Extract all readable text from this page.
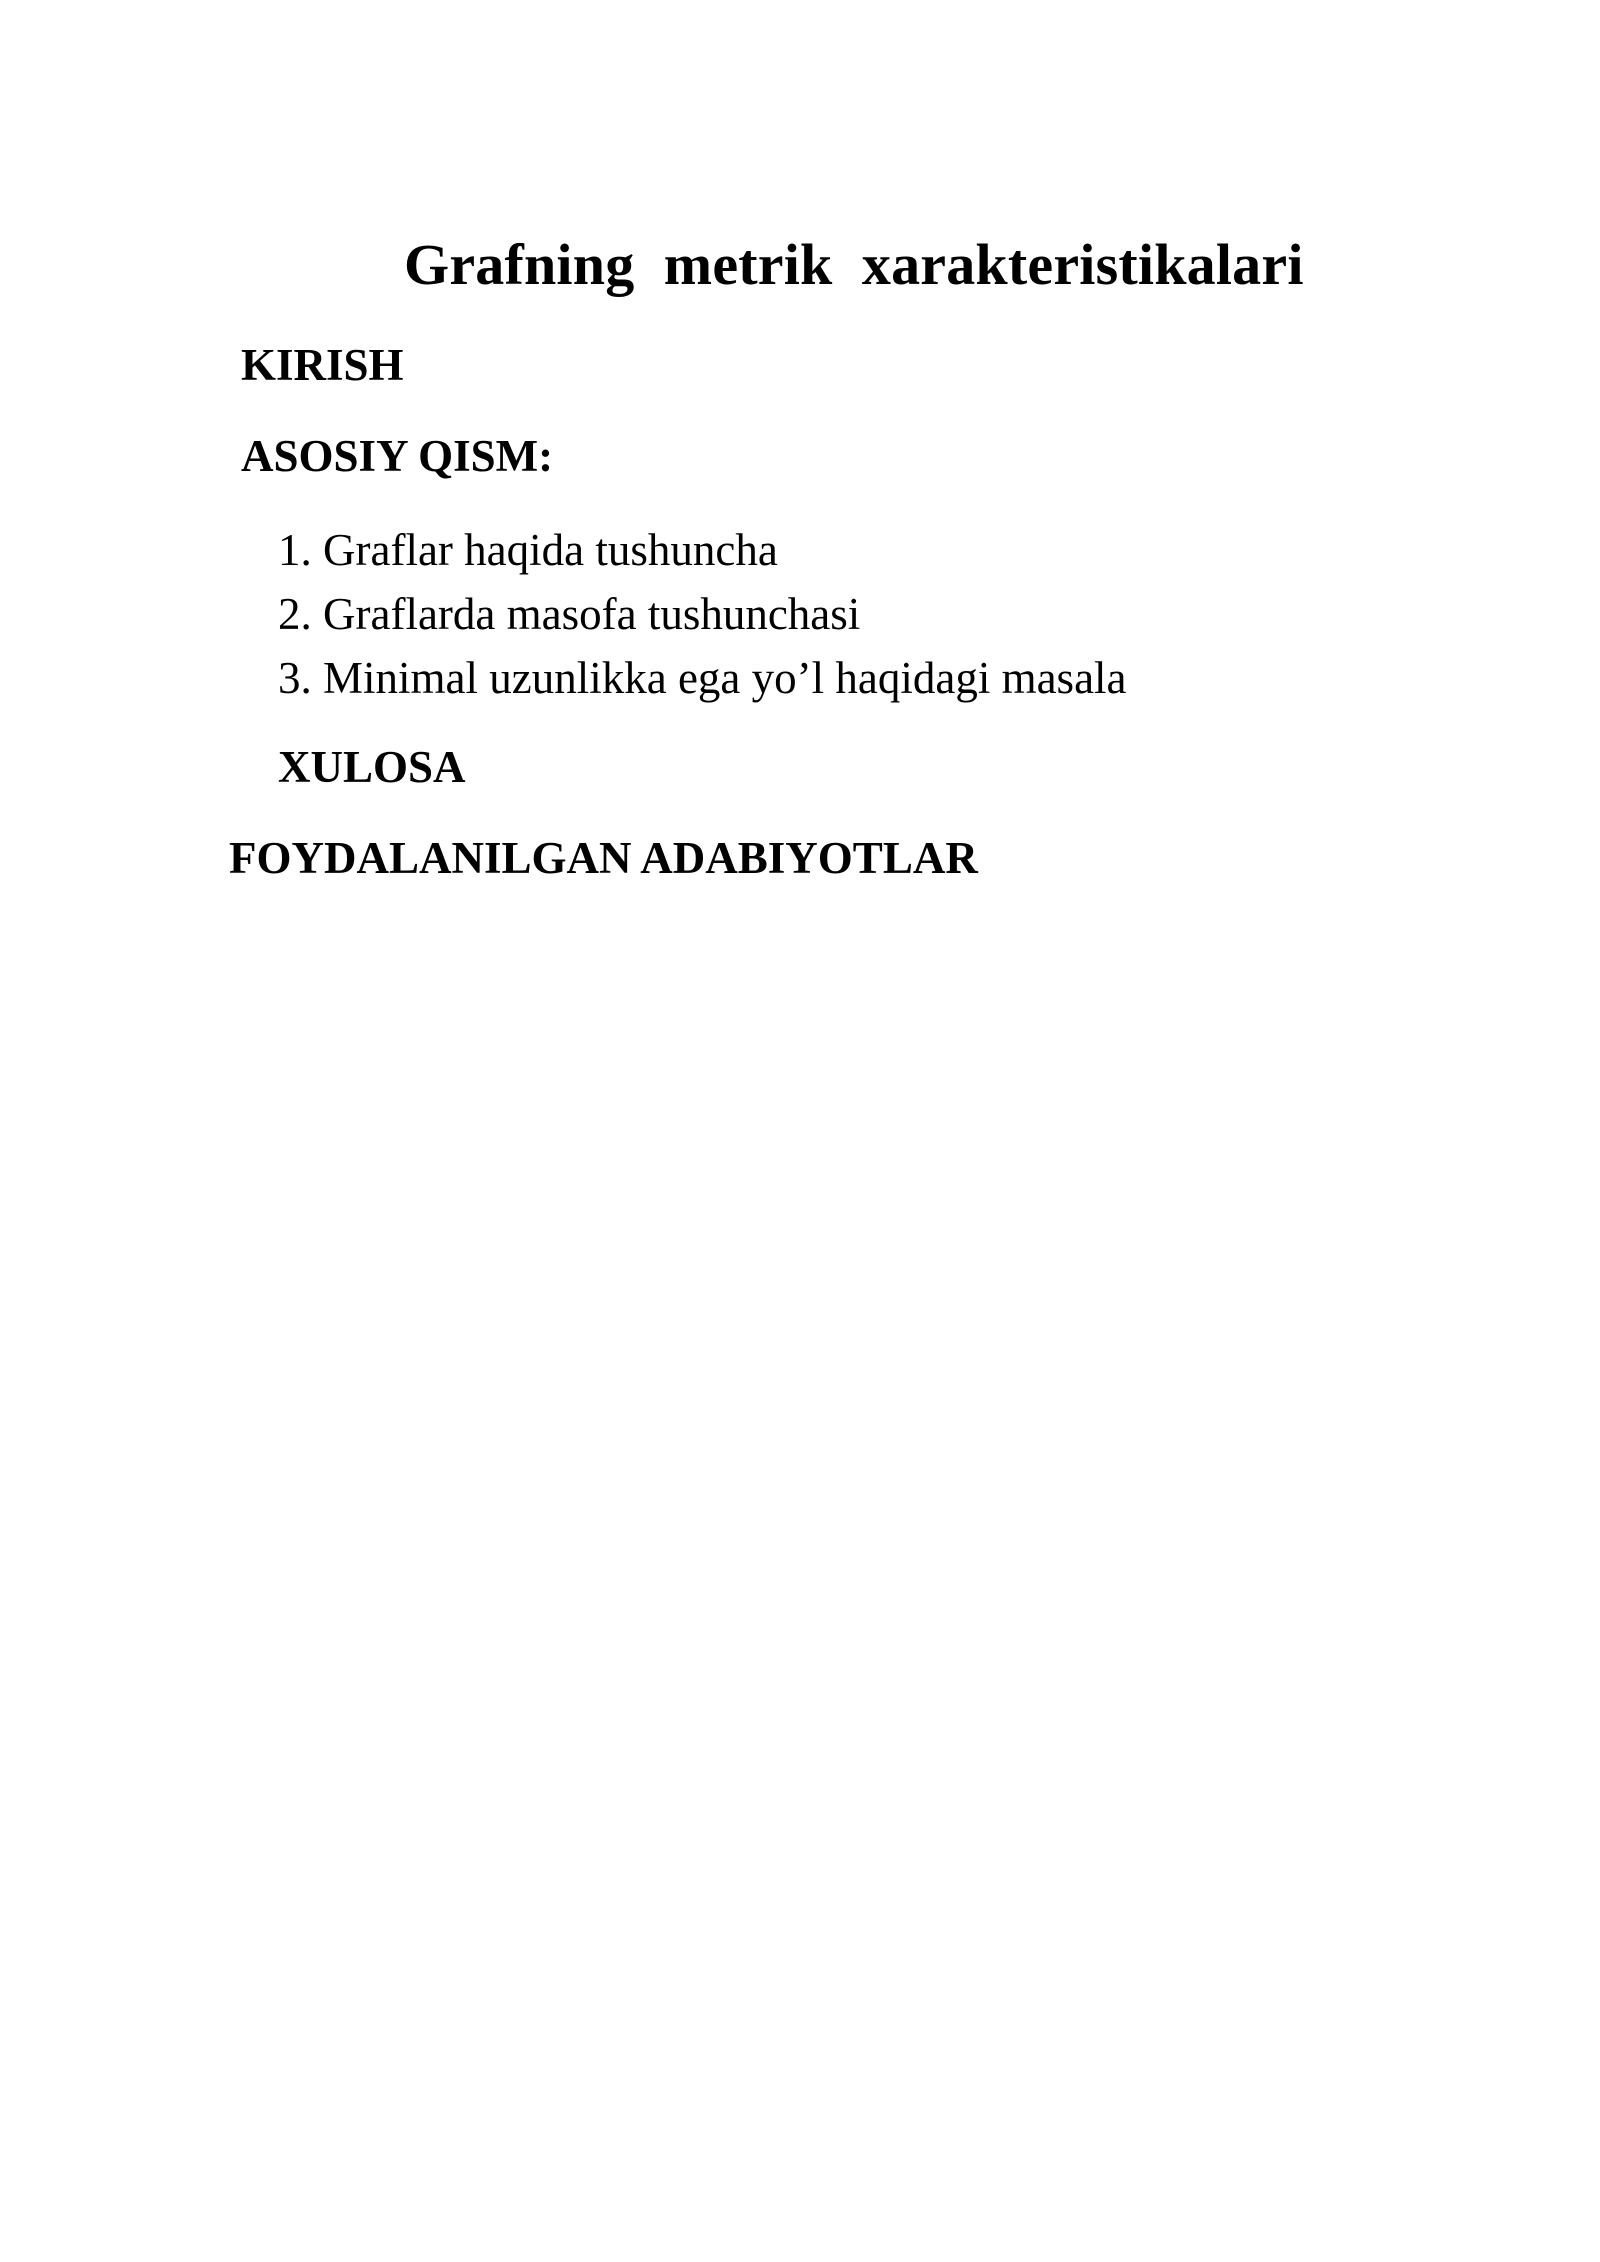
Grafning  metrik  xarakteristikalari
KIRISH
ASOSIY QISM:
1. Graflar haqida tushuncha
2. Graflarda masofa tushunchasi
3. Minimal uzunlikka ega yo’l haqidagi masala
XULOSA
FOYDALANILGAN ADABIYOTLAR
